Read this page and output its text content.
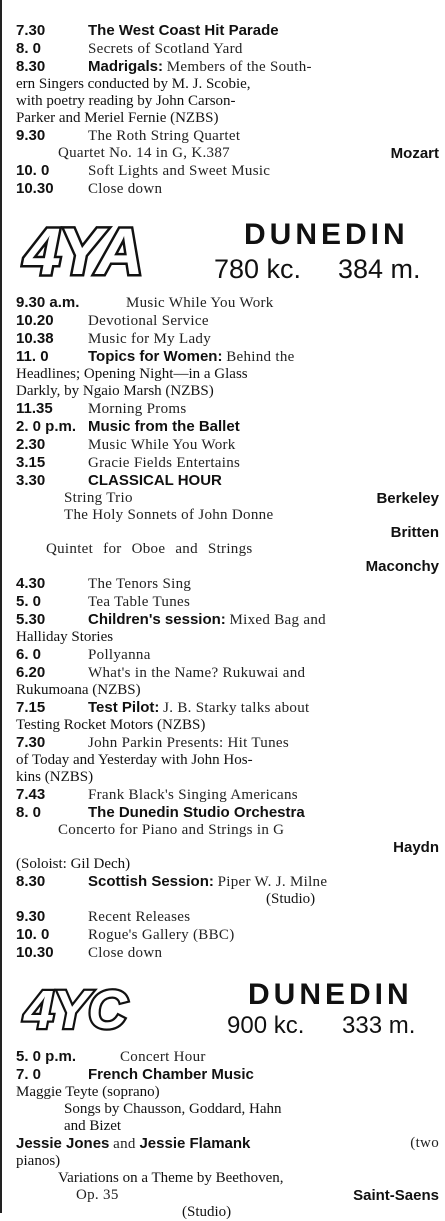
7.30	The West Coast Hit Parade
8. 0	Secrets of Scotland Yard
8.30	Madrigals: Members of the South-
ern Singers conducted by M. J. Scobie,
with poetry reading by John Carson-
Parker and Meriel Fernie (NZBS)
9.30	The Roth String Quartet
Quartet No. 14 in G, K.387	Mozart
10. 0	Soft Lights and Sweet Music
10.30 Close down
4YA	DUNEDIN
780 kc. 384 m.
9.30 a.m.	Music While You Work
10.20 Devotional Service
10.38 Music for My Lady
11. 0	Topics for Women: Behind the
Headlines; Opening Night—in a Glass
Darkly, by Ngaio Marsh (NZBS)
11.35 Morning Proms
2. 0 p.m. Music from the Ballet
2.30	Music While You Work
3.15	Gracie Fields Entertains
3.30	CLASSICAL HOUR
String Trio	Berkeley
The Holy Sonnets of John Donne
Britten
Quintet for Oboe and Strings
Maconchy
4.30	The Tenors Sing
5. 0	Tea Table Tunes
5.30	Children's session: Mixed Bag and
Halliday Stories
6. 0	Pollyanna
6.20	What's in the Name? Rukuwai and
Rukumoana (NZBS)
7.15	Test Pilot: J. B. Starky talks about
Testing Rocket Motors (NZBS)
7.30	John Parkin Presents: Hit Tunes
of Today and Yesterday with John Hos-
kins (NZBS)
7.43	Frank Black's Singing Americans
8. 0	The Dunedin Studio Orchestra
Concerto for Piano and Strings in G
Haydn
(Soloist: Gil Dech)
8.30	Scottish Session: Piper W. J. Milne
(Studio)
9.30	Recent Releases
10. 0	Rogue's Gallery (BBC)
10.30 Close down
4YC	DUNEDIN
900 kc. 333 m.
5. 0 p.m.	Concert Hour
7. 0	French Chamber Music
Maggie Teyte (soprano)
Songs by Chausson, Goddard, Hahn
and Bizet
Jessie Jones and Jessie Flamank	(two
pianos)
Variations on a Theme by Beethoven,
Op. 35	Saint-Saens
(Studio)
